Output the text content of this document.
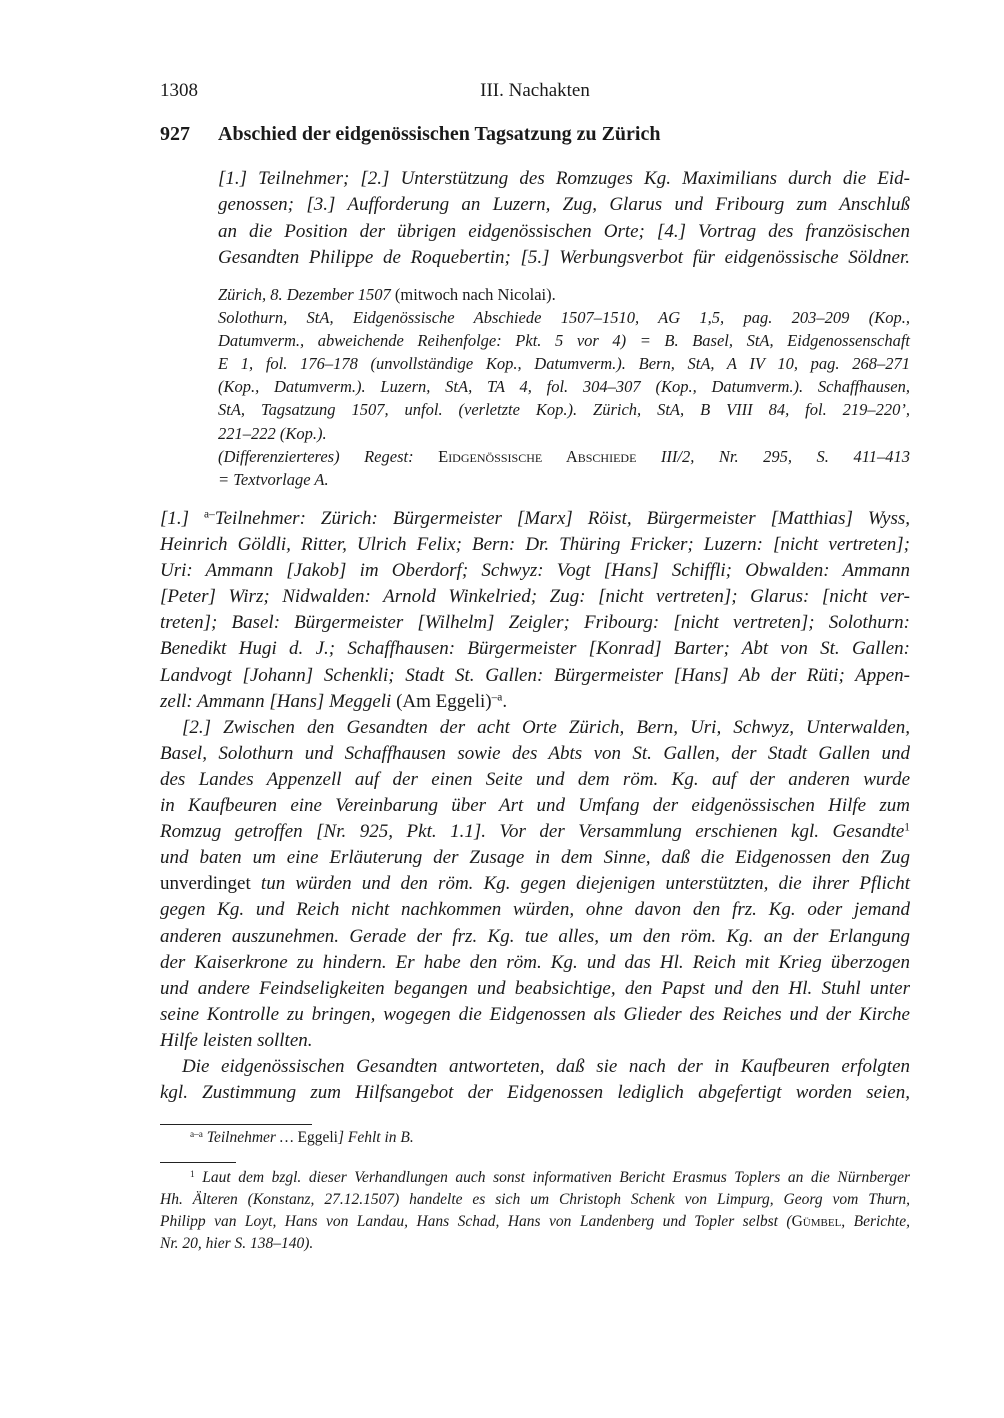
1308	III. Nachakten
927 Abschied der eidgenössischen Tagsatzung zu Zürich
[1.] Teilnehmer; [2.] Unterstützung des Romzuges Kg. Maximilians durch die Eid-
genossen; [3.] Aufforderung an Luzern, Zug, Glarus und Fribourg zum Anschluß
an die Position der übrigen eidgenössischen Orte; [4.] Vortrag des französischen
Gesandten Philippe de Roquebertin; [5.] Werbungsverbot für eidgenössische Söldner.
Zürich, 8. Dezember 1507 (mitwoch nach Nicolai).
Solothurn, StA, Eidgenössische Abschiede 1507–1510, AG 1,5, pag. 203–209 (Kop.,
Datumverm., abweichende Reihenfolge: Pkt. 5 vor 4) = B. Basel, StA, Eidgenossenschaft
E 1, fol. 176–178 (unvollständige Kop., Datumverm.). Bern, StA, A IV 10, pag. 268–271
(Kop., Datumverm.). Luzern, StA, TA 4, fol. 304–307 (Kop., Datumverm.). Schaffhausen,
StA, Tagsatzung 1507, unfol. (verletzte Kop.). Zürich, StA, B VIII 84, fol. 219–220’,
221–222 (Kop.).
(Differenzierteres) Regest: Eidgenössische Abschiede III/2, Nr. 295, S. 411–413
= Textvorlage A.
[1.] $^{a-}$Teilnehmer: Zürich: Bürgermeister [Marx] Röist, Bürgermeister [Matthias] Wyss,
Heinrich Göldli, Ritter, Ulrich Felix; Bern: Dr. Thüring Fricker; Luzern: [nicht vertreten];
Uri: Ammann [Jakob] im Oberdorf; Schwyz: Vogt [Hans] Schiffli; Obwalden: Ammann
[Peter] Wirz; Nidwalden: Arnold Winkelried; Zug: [nicht vertreten]; Glarus: [nicht ver-
treten]; Basel: Bürgermeister [Wilhelm] Zeigler; Fribourg: [nicht vertreten]; Solothurn:
Benedikt Hugi d. J.; Schaffhausen: Bürgermeister [Konrad] Barter; Abt von St. Gallen:
Landvogt [Johann] Schenkli; Stadt St. Gallen: Bürgermeister [Hans] Ab der Rüti; Appen-
zell: Ammann [Hans] Meggeli (Am Eggeli)$^{-a}$.
[2.] Zwischen den Gesandten der acht Orte Zürich, Bern, Uri, Schwyz, Unterwalden,
Basel, Solothurn und Schaffhausen sowie des Abts von St. Gallen, der Stadt Gallen und
des Landes Appenzell auf der einen Seite und dem röm. Kg. auf der anderen wurde
in Kaufbeuren eine Vereinbarung über Art und Umfang der eidgenössischen Hilfe zum
Romzug getroffen [Nr. 925, Pkt. 1.1]. Vor der Versammlung erschienen kgl. Gesandte$^1$
und baten um eine Erläuterung der Zusage in dem Sinne, daß die Eidgenossen den Zug
unverdinget tun würden und den röm. Kg. gegen diejenigen unterstützten, die ihrer Pflicht
gegen Kg. und Reich nicht nachkommen würden, ohne davon den frz. Kg. oder jemand
anderen auszunehmen. Gerade der frz. Kg. tue alles, um den röm. Kg. an der Erlangung
der Kaiserkrone zu hindern. Er habe den röm. Kg. und das Hl. Reich mit Krieg überzogen
und andere Feindseligkeiten begangen und beabsichtige, den Papst und den Hl. Stuhl unter
seine Kontrolle zu bringen, wogegen die Eidgenossen als Glieder des Reiches und der Kirche
Hilfe leisten sollten.
Die eidgenössischen Gesandten antworteten, daß sie nach der in Kaufbeuren erfolgten
kgl. Zustimmung zum Hilfsangebot der Eidgenossen lediglich abgefertigt worden seien,
$^{a-a}$ Teilnehmer … Eggeli] Fehlt in B.
$^1$ Laut dem bzgl. dieser Verhandlungen auch sonst informativen Bericht Erasmus Toplers an die Nürnberger
Hh. Älteren (Konstanz, 27.12.1507) handelte es sich um Christoph Schenk von Limpurg, Georg vom Thurn,
Philipp van Loyt, Hans von Landau, Hans Schad, Hans von Landenberg und Topler selbst (Gümbel, Berichte,
Nr. 20, hier S. 138–140).
